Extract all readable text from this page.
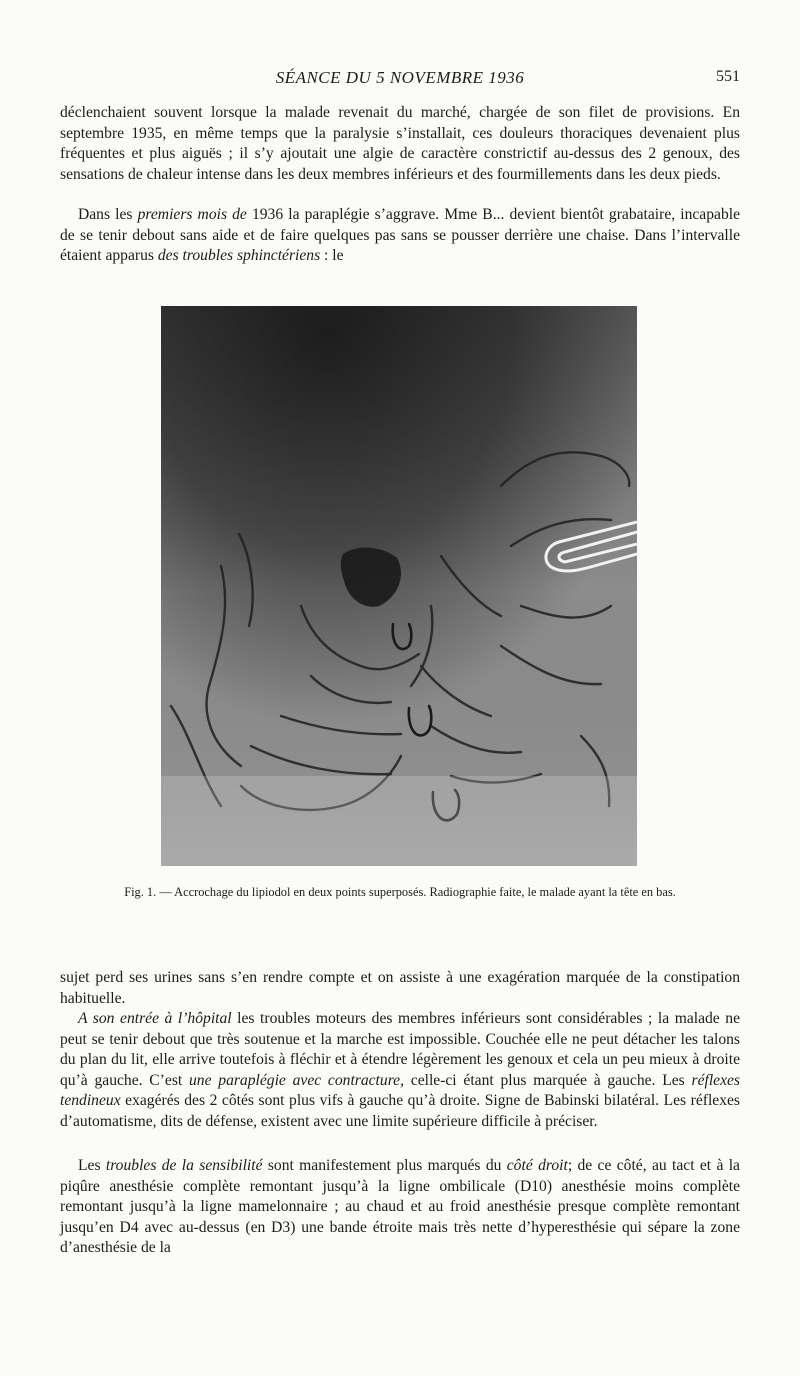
SÉANCE DU 5 NOVEMBRE 1936	551

déclenchaient souvent lorsque la malade revenait du marché, chargée de son filet de provisions. En septembre 1935, en même temps que la paralysie s’installait, ces douleurs thoraciques devenaient plus fréquentes et plus aiguës ; il s’y ajoutait une algie de caractère constrictif au-dessus des 2 genoux, des sensations de chaleur intense dans les deux membres inférieurs et des fourmillements dans les deux pieds.

Dans les premiers mois de 1936 la paraplégie s’aggrave. Mme B... devient bientôt grabataire, incapable de se tenir debout sans aide et de faire quelques pas sans se pousser derrière une chaise. Dans l’intervalle étaient apparus des troubles sphinctériens : le

Fig. 1. — Accrochage du lipiodol en deux points superposés. Radiographie faite, le malade ayant la tête en bas.

sujet perd ses urines sans s’en rendre compte et on assiste à une exagération marquée de la constipation habituelle.

A son entrée à l’hôpital les troubles moteurs des membres inférieurs sont considérables ; la malade ne peut se tenir debout que très soutenue et la marche est impossible. Couchée elle ne peut détacher les talons du plan du lit, elle arrive toutefois à fléchir et à étendre légèrement les genoux et cela un peu mieux à droite qu’à gauche. C’est une paraplégie avec contracture, celle-ci étant plus marquée à gauche. Les réflexes tendineux exagérés des 2 côtés sont plus vifs à gauche qu’à droite. Signe de Babinski bilatéral. Les réflexes d’automatisme, dits de défense, existent avec une limite supérieure difficile à préciser.

Les troubles de la sensibilité sont manifestement plus marqués du côté droit; de ce côté, au tact et à la piqûre anesthésie complète remontant jusqu’à la ligne ombilicale (D10) anesthésie moins complète remontant jusqu’à la ligne mamelonnaire ; au chaud et au froid anesthésie presque complète remontant jusqu’en D4 avec au-dessus (en D3) une bande étroite mais très nette d’hyperesthésie qui sépare la zone d’anesthésie de la
